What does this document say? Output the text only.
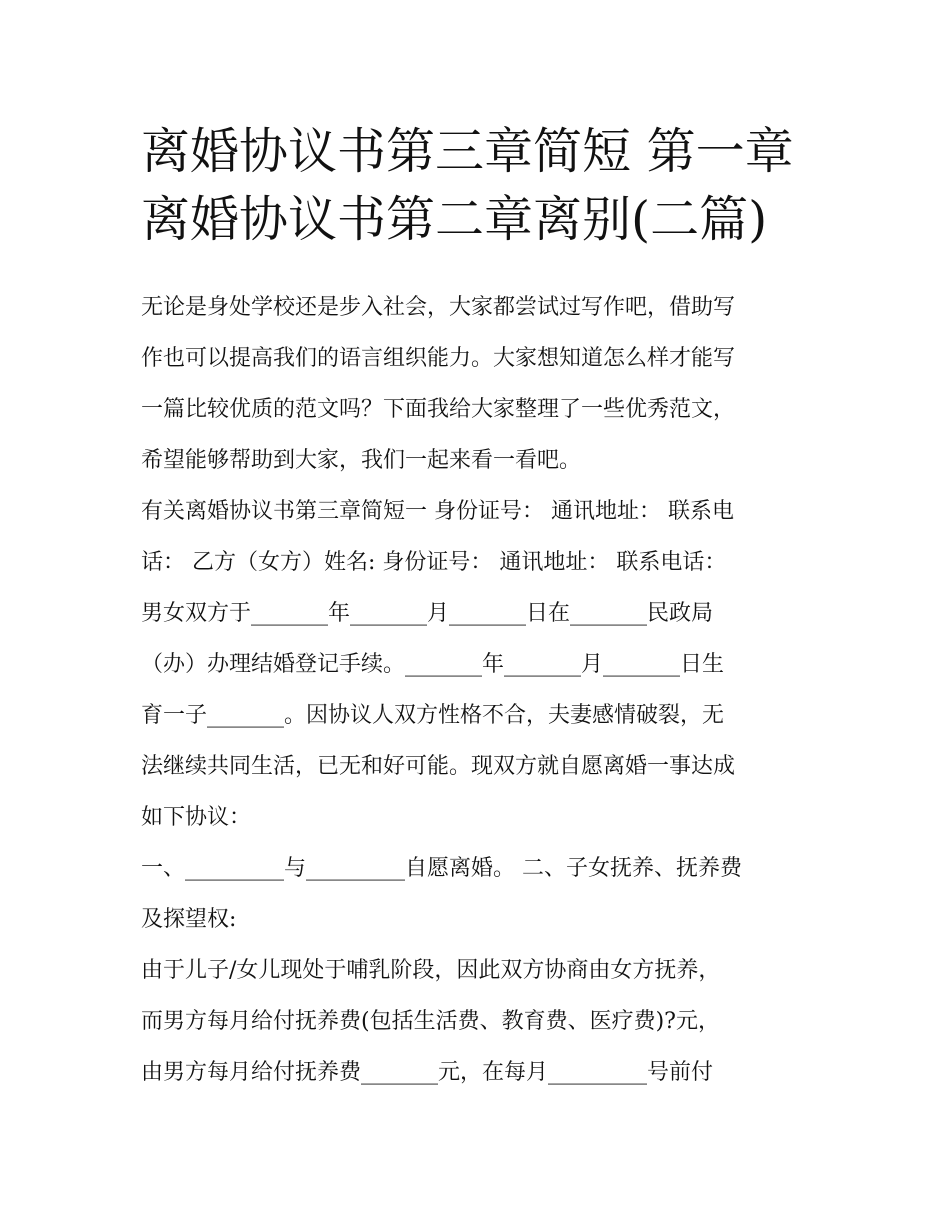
离婚协议书第三章简短 第一章
离婚协议书第二章离别(二篇)
无论是身处学校还是步入社会，大家都尝试过写作吧，借助写
作也可以提高我们的语言组织能力。大家想知道怎么样才能写
一篇比较优质的范文吗？下面我给大家整理了一些优秀范文，
希望能够帮助到大家，我们一起来看一看吧。
有关离婚协议书第三章简短一 身份证号： 通讯地址： 联系电
话： 乙方（女方）姓名: 身份证号： 通讯地址： 联系电话：
男女双方于_______年_______月_______日在_______民政局
（办）办理结婚登记手续。_______年_______月_______日生
育一子_______。因协议人双方性格不合，夫妻感情破裂，无
法继续共同生活，已无和好可能。现双方就自愿离婚一事达成
如下协议：
一、_________与_________自愿离婚。 二、子女抚养、抚养费
及探望权:
由于儿子/女儿现处于哺乳阶段，因此双方协商由女方抚养，
而男方每月给付抚养费(包括生活费、教育费、医疗费)?元，
由男方每月给付抚养费_______元，在每月_________号前付
